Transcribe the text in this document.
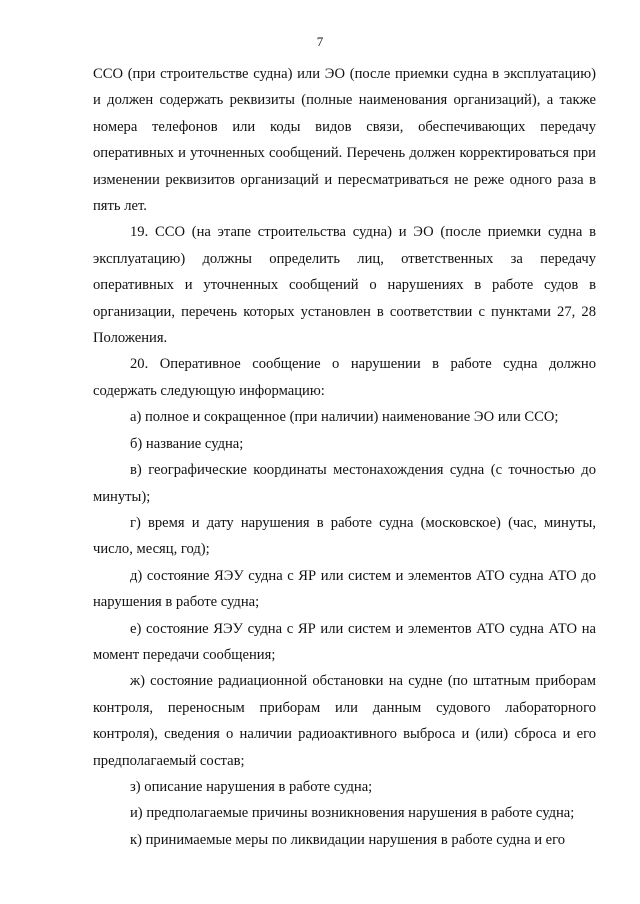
7

ССО (при строительстве судна) или ЭО (после приемки судна в эксплуатацию) и должен содержать реквизиты (полные наименования организаций), а также номера телефонов или коды видов связи, обеспечивающих передачу оперативных и уточненных сообщений. Перечень должен корректироваться при изменении реквизитов организаций и пересматриваться не реже одного раза в пять лет.

19. ССО (на этапе строительства судна) и ЭО (после приемки судна в эксплуатацию) должны определить лиц, ответственных за передачу оперативных и уточненных сообщений о нарушениях в работе судов в организации, перечень которых установлен в соответствии с пунктами 27, 28 Положения.

20. Оперативное сообщение о нарушении в работе судна должно содержать следующую информацию:

а) полное и сокращенное (при наличии) наименование ЭО или ССО;

б) название судна;

в) географические координаты местонахождения судна (с точностью до минуты);

г) время и дату нарушения в работе судна (московское) (час, минуты, число, месяц, год);

д) состояние ЯЭУ судна с ЯР или систем и элементов АТО судна АТО до нарушения в работе судна;

е) состояние ЯЭУ судна с ЯР или систем и элементов АТО судна АТО на момент передачи сообщения;

ж) состояние радиационной обстановки на судне (по штатным приборам контроля, переносным приборам или данным судового лабораторного контроля), сведения о наличии радиоактивного выброса и (или) сброса и его предполагаемый состав;

з) описание нарушения в работе судна;

и) предполагаемые причины возникновения нарушения в работе судна;

к) принимаемые меры по ликвидации нарушения в работе судна и его
